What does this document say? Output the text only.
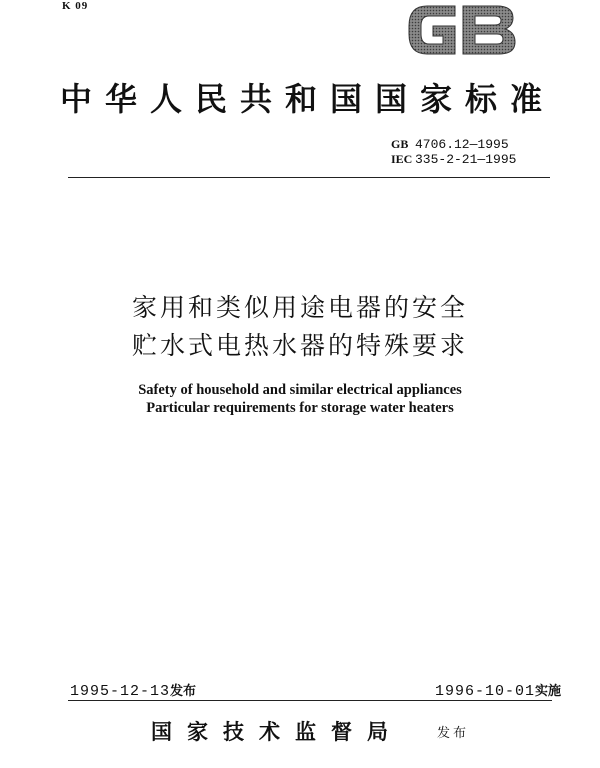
K 09
中华人民共和国国家标准
GB 4706.12—1995
IEC 335-2-21—1995
家用和类似用途电器的安全
贮水式电热水器的特殊要求
Safety of household and similar electrical appliances
Particular requirements for storage water heaters
1995-12-13发布	1996-10-01实施
国家技术监督局	发布
